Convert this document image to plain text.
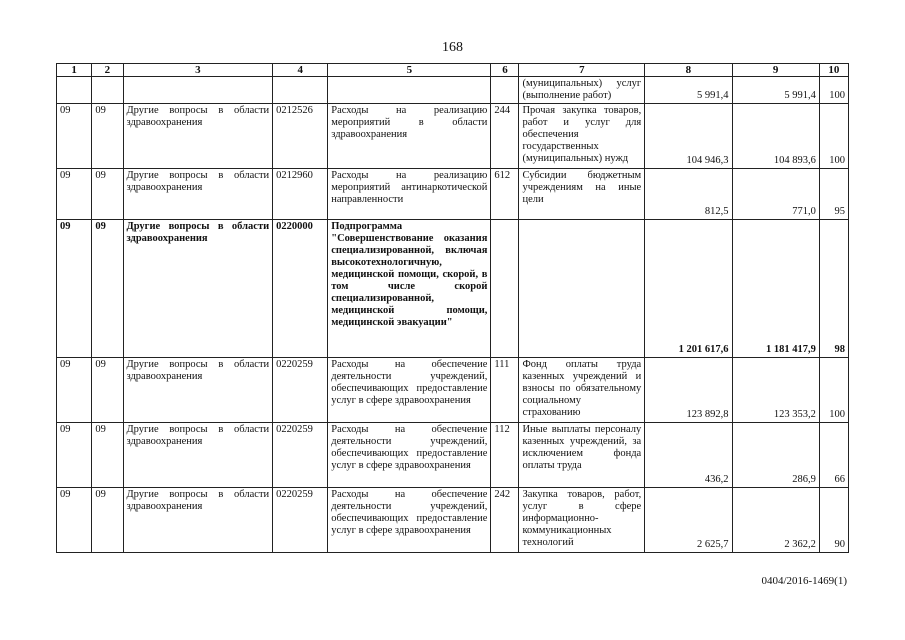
168
1	2	3	4	5	6	7	8	9	10
						(муниципальных) услуг (выполнение работ)	5 991,4	5 991,4	100
09	09	Другие вопросы в области здравоохранения	0212526	Расходы на реализацию мероприятий в области здравоохранения	244	Прочая закупка товаров, работ и услуг для обеспечения государственных (муниципальных) нужд	104 946,3	104 893,6	100
09	09	Другие вопросы в области здравоохранения	0212960	Расходы на реализацию мероприятий антинаркотической направленности	612	Субсидии бюджетным учреждениям на иные цели	812,5	771,0	95
09	09	Другие вопросы в области здравоохранения	0220000	Подпрограмма "Совершенствование оказания специализированной, включая высокотехнологичную, медицинской помощи, скорой, в том числе скорой специализированной, медицинской помощи, медицинской эвакуации"			1 201 617,6	1 181 417,9	98
09	09	Другие вопросы в области здравоохранения	0220259	Расходы на обеспечение деятельности учреждений, обеспечивающих предоставление услуг в сфере здравоохранения	111	Фонд оплаты труда казенных учреждений и взносы по обязательному социальному страхованию	123 892,8	123 353,2	100
09	09	Другие вопросы в области здравоохранения	0220259	Расходы на обеспечение деятельности учреждений, обеспечивающих предоставление услуг в сфере здравоохранения	112	Иные выплаты персоналу казенных учреждений, за исключением фонда оплаты труда	436,2	286,9	66
09	09	Другие вопросы в области здравоохранения	0220259	Расходы на обеспечение деятельности учреждений, обеспечивающих предоставление услуг в сфере здравоохранения	242	Закупка товаров, работ, услуг в сфере информационно-коммуникационных технологий	2 625,7	2 362,2	90
0404/2016-1469(1)
